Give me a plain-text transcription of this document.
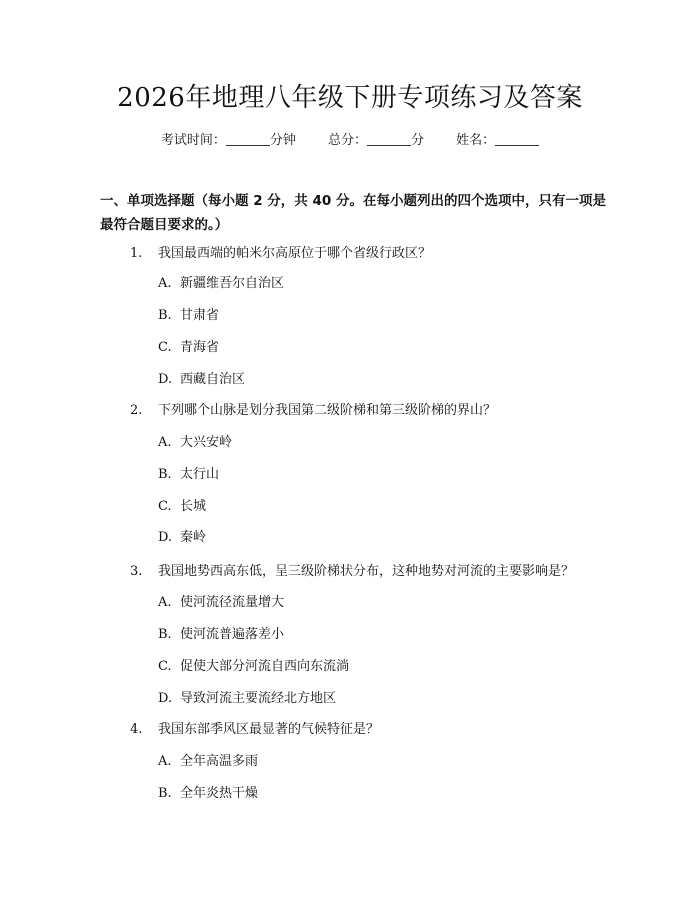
2026年地理八年级下册专项练习及答案
考试时间：	分钟 总分：	分 姓名：
一、单项选择题（每小题 2 分，共 40 分。在每小题列出的四个选项中，只有一项是最符合题目要求的。）
1. 我国最西端的帕米尔高原位于哪个省级行政区？
A. 新疆维吾尔自治区
B. 甘肃省
C. 青海省
D. 西藏自治区
2. 下列哪个山脉是划分我国第二级阶梯和第三级阶梯的界山？
A. 大兴安岭
B. 太行山
C. 长城
D. 秦岭
3. 我国地势西高东低，呈三级阶梯状分布，这种地势对河流的主要影响是？
A. 使河流径流量增大
B. 使河流普遍落差小
C. 促使大部分河流自西向东流淌
D. 导致河流主要流经北方地区
4. 我国东部季风区最显著的气候特征是？
A. 全年高温多雨
B. 全年炎热干燥
